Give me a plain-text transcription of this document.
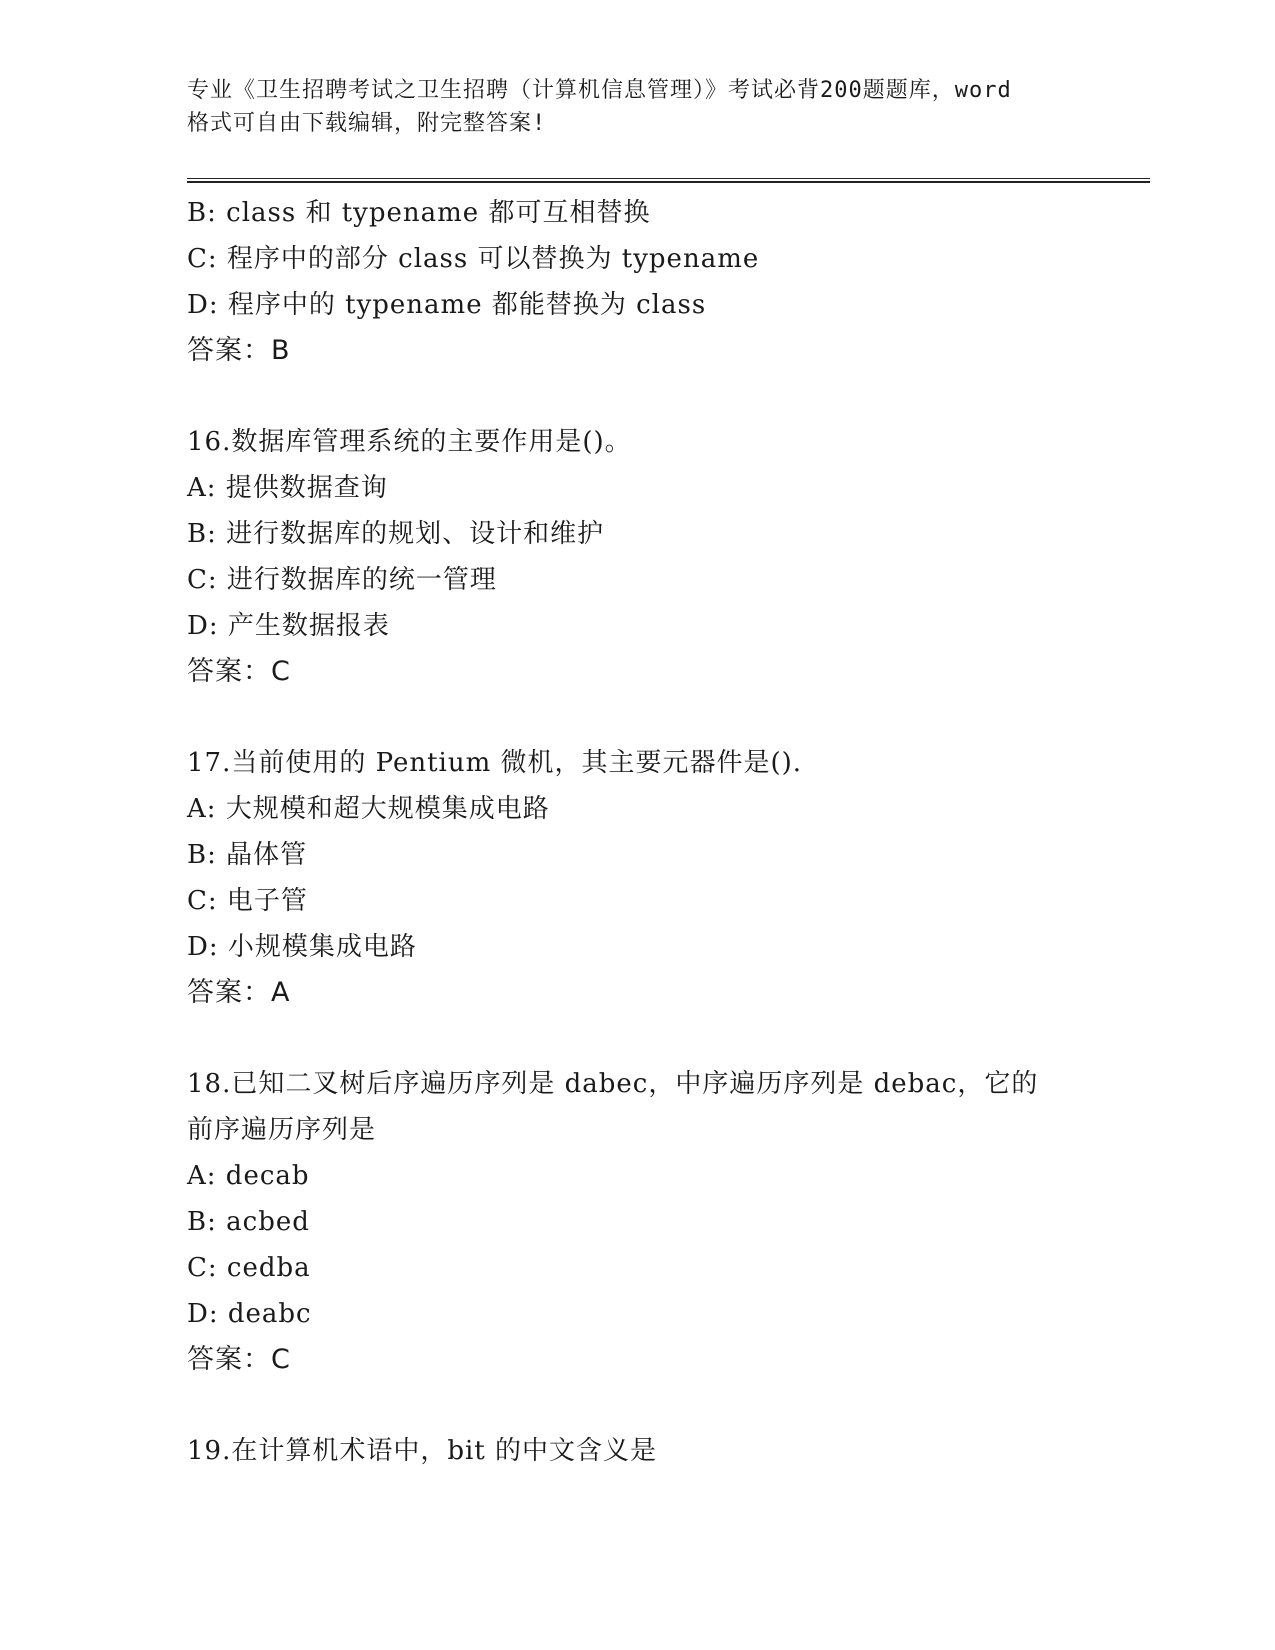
专业《卫生招聘考试之卫生招聘（计算机信息管理）》考试必背200题题库，word
格式可自由下载编辑，附完整答案!
B: class 和 typename 都可互相替换
C: 程序中的部分 class 可以替换为 typename
D: 程序中的 typename 都能替换为 class
答案：B
16.数据库管理系统的主要作用是()。
A: 提供数据查询
B: 进行数据库的规划、设计和维护
C: 进行数据库的统一管理
D: 产生数据报表
答案：C
17.当前使用的 Pentium 微机，其主要元器件是().
A: 大规模和超大规模集成电路
B: 晶体管
C: 电子管
D: 小规模集成电路
答案：A
18.已知二叉树后序遍历序列是 dabec，中序遍历序列是 debac，它的
前序遍历序列是
A: decab
B: acbed
C: cedba
D: deabc
答案：C
19.在计算机术语中，bit 的中文含义是
